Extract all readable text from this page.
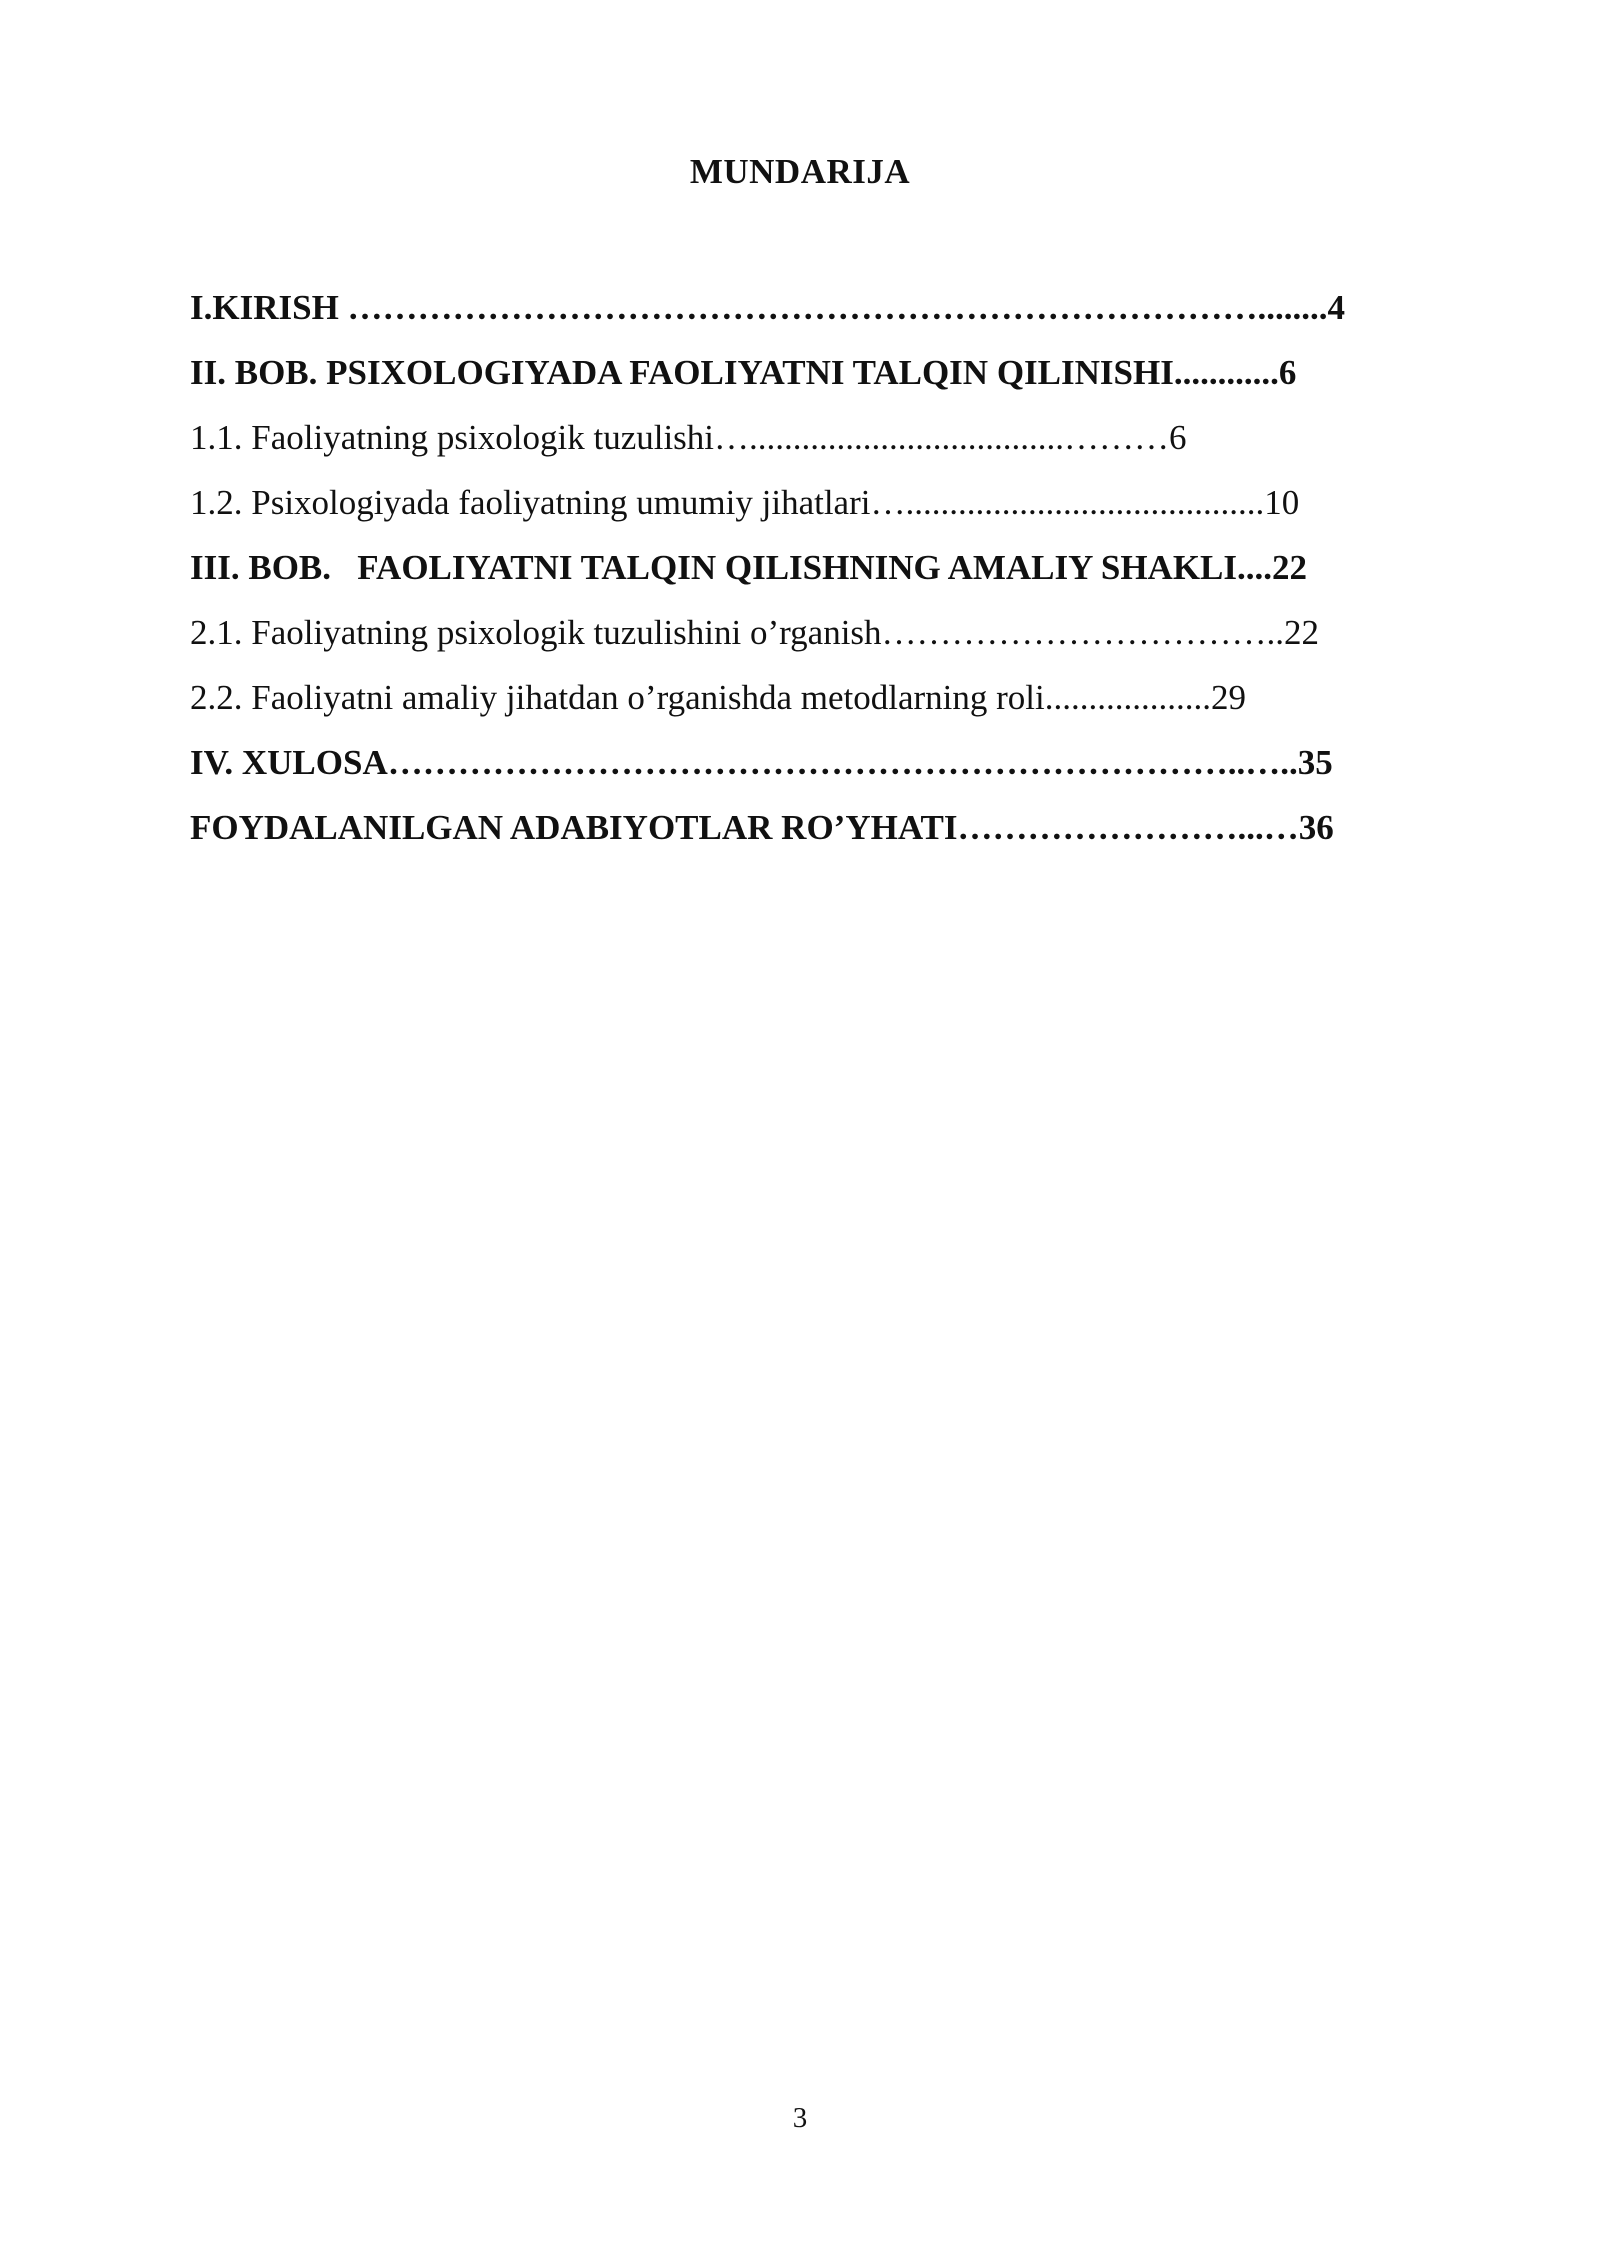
MUNDARIJA
I.KIRISH ……………………………………………………………………........4
II. BOB. PSIXOLOGIYADA FAOLIYATNI TALQIN QILINISHI............6
1.1. Faoliyatning psixologik tuzulishi…....................................………6
1.2. Psixologiyada faoliyatning umumiy jihatlari….........................................10
III. BOB.   FAOLIYATNI TALQIN QILISHNING AMALIY SHAKLI....22
2.1. Faoliyatning psixologik tuzulishini o’rganish……………………………..22
2.2. Faoliyatni amaliy jihatdan o’rganishda metodlarning roli...................29
IV. XULOSA………………………………………………………………..…..35
FOYDALANILGAN ADABIYOTLAR RO’YHATI……………………...…36
3
